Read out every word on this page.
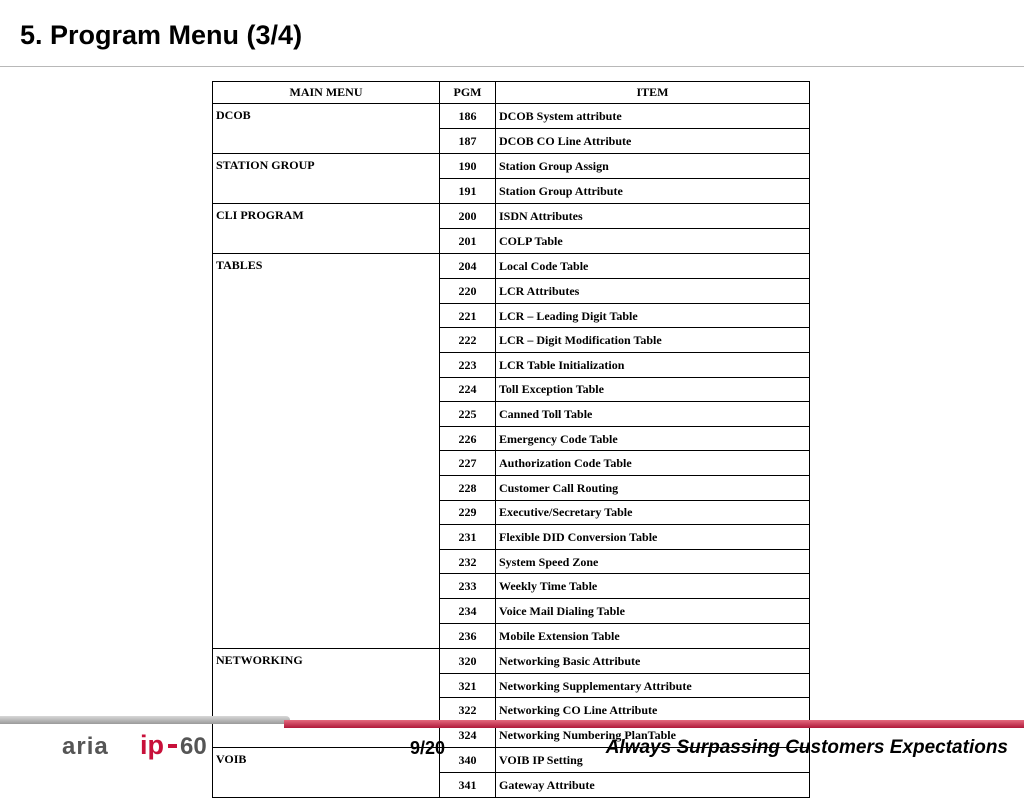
5. Program Menu (3/4)
MAIN MENU	PGM	ITEM
DCOB	186	DCOB System attribute
	187	DCOB CO Line Attribute
STATION GROUP	190	Station Group Assign
	191	Station Group Attribute
CLI PROGRAM	200	ISDN Attributes
	201	COLP Table
TABLES	204	Local Code Table
	220	LCR Attributes
	221	LCR – Leading Digit Table
	222	LCR – Digit Modification Table
	223	LCR Table Initialization
	224	Toll Exception Table
	225	Canned Toll Table
	226	Emergency Code Table
	227	Authorization Code Table
	228	Customer Call Routing
	229	Executive/Secretary Table
	231	Flexible DID Conversion Table
	232	System Speed Zone
	233	Weekly Time Table
	234	Voice Mail Dialing Table
	236	Mobile Extension Table
NETWORKING	320	Networking Basic Attribute
	321	Networking Supplementary Attribute
	322	Networking CO Line Attribute
	324	Networking Numbering PlanTable
VOIB	340	VOIB IP Setting
	341	Gateway Attribute
aria ip 60	9/20	Always Surpassing Customers Expectations
